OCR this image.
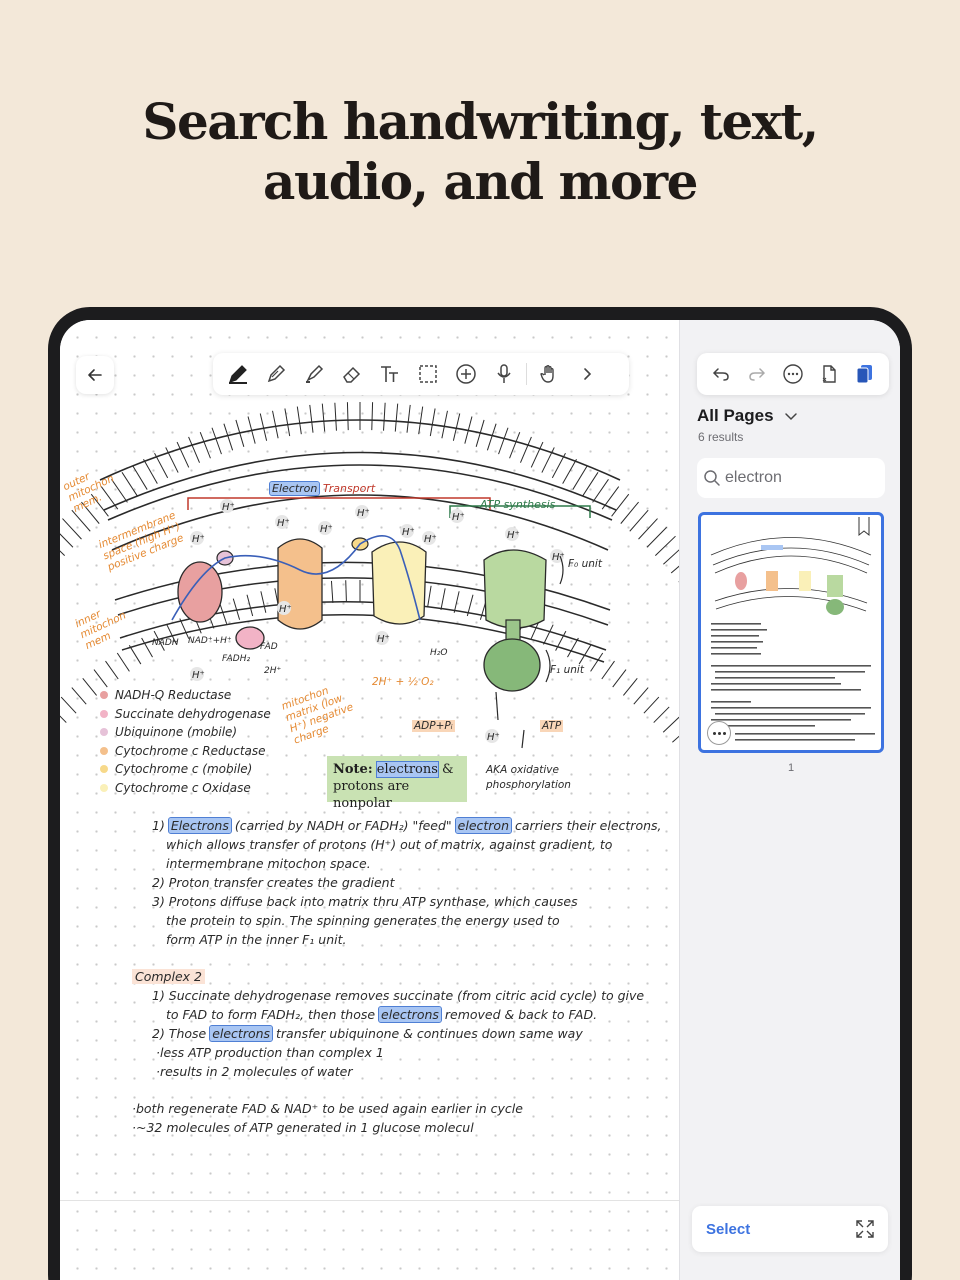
Search handwriting, text,
audio, and more
H⁺
H⁺
H⁺
H⁺
H⁺
H⁺
H⁺	H⁺	H⁺
H⁺
H⁺
H⁺
H⁺
H⁺
Electron Transport
ATP synthesis
outer mitochon mem.
intermembrane space (high H⁺) positive charge
inner mitochon mem
mitochon matrix (low H⁺) negative charge
F₀ unit
F₁ unit
NADH NAD⁺+H⁺
FADH₂
FAD
2H⁺
2H⁺ + ½ O₂
H₂O
ADP+Pᵢ	ATP
AKA oxidative phosphorylation
NADH-Q Reductase
Succinate dehydrogenase
Ubiquinone (mobile)
Cytochrome c Reductase
Cytochrome c (mobile)
Cytochrome c Oxidase
Note: electrons &
protons are nonpolar
1) Electrons (carried by NADH or FADH₂) "feed" electron carriers their electrons,
which allows transfer of protons (H⁺) out of matrix, against gradient, to
intermembrane mitochon space.
2) Proton transfer creates the gradient
3) Protons diffuse back into matrix thru ATP synthase, which causes
the protein to spin. The spinning generates the energy used to
form ATP in the inner F₁ unit.
Complex 2
1) Succinate dehydrogenase removes succinate (from citric acid cycle) to give
to FAD to form FADH₂, then those electrons removed & back to FAD.
2) Those electrons transfer ubiquinone & continues down same way
·less ATP production than complex 1
·results in 2 molecules of water
·both regenerate FAD & NAD⁺ to be used again earlier in cycle
·~32 molecules of ATP generated in 1 glucose molecul
All Pages
6 results
electron
1
Select
